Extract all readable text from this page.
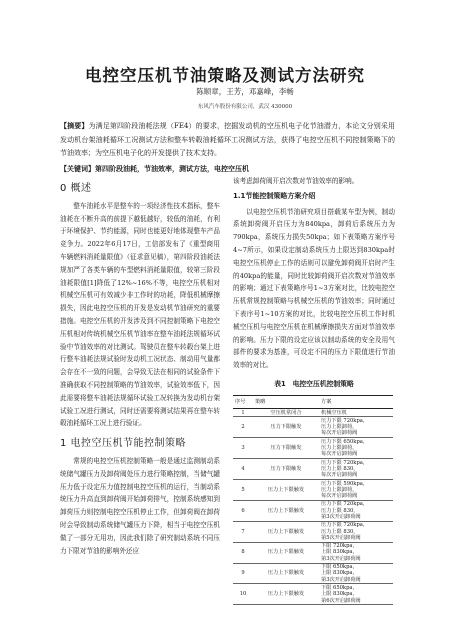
电控空压机节油策略及测试方法研究
陈顺章，王芳，邓嘉峰，李畅
东风汽车股份有限公司，武汉 430000
【摘要】为满足第四阶段油耗法规（FE4）的要求，挖掘发动机的空压机电子化节油潜力，本论文分别采用发动机台架油耗循环工况测试方法和整车转毂油耗循环工况测试方法，获得了电控空压机不同控制策略下的节油效率；为空压机电子化的开发提供了技术支持。
【关键词】第四阶段油耗，节油效率，测试方法，电控空压机
0 概述

整车油耗水平是整车的一项经济性技术指标，整车油耗在不断升高的前提下越低越好，较低的油耗，有利于环境保护、节约能源，同时也能更好地体现整车产品竞争力。2022年6月17日，工信部发布了《重型商用车辆燃料消耗量限值》（征求意见稿），第四阶段油耗法规加严了各类车辆的车型燃料消耗量限值，较第三阶段油耗限值[1]降低了12%~16%不等，电控空压机相对机械空压机可有效减少非工作时的功耗，降低机械摩擦损失，因此电控空压机的开发是发动机节油研究的重要措施。电控空压机的开发涉及到不同控制策略下电控空压机相对传统机械空压机节油率在整车油耗法规循环试验中节油效率的对比测试。驾驶员在整车转毂台架上进行整车油耗法规试验时发动机工况状态、制动用气量都会存在不一致的问题，会导致无法在相同的试验条件下准确获取不同控制策略的节油效率，试验效率低下，因此需要将整车油耗法规循环试验工况转换为发动机台架试验工况进行测试，同时还需要将测试结果再在整车转毂油耗循环工况上进行验证。

1 电控空压机节能控制策略

常规的电控空压机控制策略一般是通过监测制动系统储气罐压力及卸荷阀处压力进行策略控制，当储气罐压力低于设定压力值控制电控空压机的运行，当制动系统压力升高直到卸荷阀开始卸荷排气，控制系统感知到卸荷压力则控制电控空压机停止工作，但卸荷阀在卸荷时会导致制动系统储气罐压力下降，相当于电控空压机做了一部分无用功，因此我们除了研究制动系统不同压力下限对节油的影响外还应

该考虑卸荷阀开启次数对节油效率的影响。

1.1节能控制策略方案介绍

以电控空压机节油研究项目搭载某车型为例，制动系统卸荷阀开启压力为840kpa，卸荷后系统压力为790kpa，系统压力损失50kpa；如下表策略方案序号4~7所示，如果设定制动系统压力上限达到830kpa时电控空压机停止工作的话则可以避免卸荷阀开启时产生的40kpa的能量，同时比较卸荷阀开启次数对节油效率的影响；通过下表策略序号1~3方案对比，比较电控空压机常规控制策略与机械空压机的节油效率；同时通过下表序号1~10方案的对比，比较电控空压机工作时机械空压机与电控空压机在机械摩擦损失方面对节油效率的影响。压力下限的设定应该以制动系统的安全及用气部件的要求为基准，可设定不同的压力下限值进行节油效率的对比。

表1　电控空压机控制策略
序号	策略	方案
1	空压机常闭合	机械空压机

2	压力下限触发	压力下限 720kpa，
压力上限卸荷，
每次开启卸荷阀

3	压力下限触发	压力下限 650kpa，
压力上限卸荷，
每次开启卸荷阀

4	压力下限触发	压力下限 720kpa，
压力上限 830，
每次开启卸荷阀

5	压力上下限触发	压力下限 590kpa，
压力上限卸荷，
每次开启卸荷阀

6	压力上下限触发	压力下限 720kpa，
压力上限 830，
第3次开启卸荷阀

7	压力上下限触发	压力下限 720kpa，
压力上限 830，
第5次开启卸荷阀

8	压力上下限触发	下限 720kpa，
上限 830kpa，
第3次开启卸荷阀

9	压力上下限触发	下限 650kpa，
上限 830kpa，
第3次开启卸荷阀

10	压力上下限触发	下限 650kpa，
上限 830kpa，
第6次开启卸荷阀
